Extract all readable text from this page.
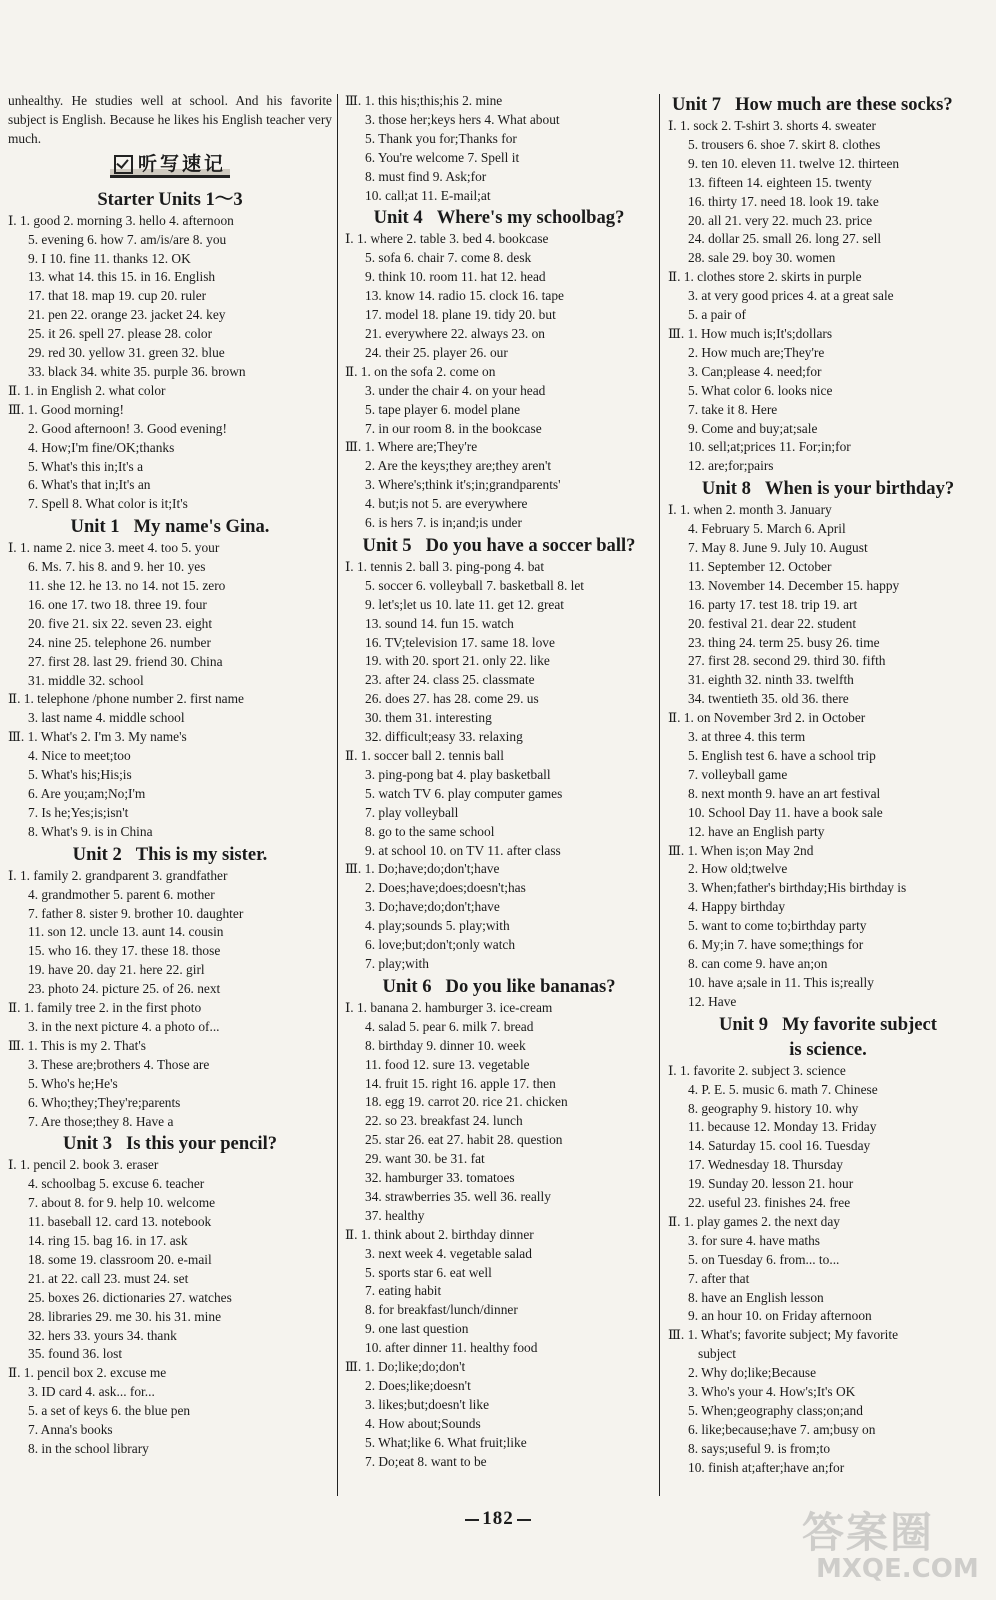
unhealthy. He studies well at school. And his favorite subject is English. Because he likes his English teacher very much.
听写速记
Starter Units 1～3
Ⅰ. 1. good 2. morning 3. hello 4. afternoon
5. evening 6. how 7. am/is/are 8. you
9. I 10. fine 11. thanks 12. OK
13. what 14. this 15. in 16. English
17. that 18. map 19. cup 20. ruler
21. pen 22. orange 23. jacket 24. key
25. it 26. spell 27. please 28. color
29. red 30. yellow 31. green 32. blue
33. black 34. white 35. purple 36. brown
Ⅱ. 1. in English 2. what color
Ⅲ. 1. Good morning!
2. Good afternoon! 3. Good evening!
4. How;I'm fine/OK;thanks
5. What's this in;It's a
6. What's that in;It's an
7. Spell 8. What color is it;It's
Unit 1 My name's Gina.
Ⅰ. 1. name 2. nice 3. meet 4. too 5. your
6. Ms. 7. his 8. and 9. her 10. yes
11. she 12. he 13. no 14. not 15. zero
16. one 17. two 18. three 19. four
20. five 21. six 22. seven 23. eight
24. nine 25. telephone 26. number
27. first 28. last 29. friend 30. China
31. middle 32. school
Ⅱ. 1. telephone /phone number 2. first name
3. last name 4. middle school
Ⅲ. 1. What's 2. I'm 3. My name's
4. Nice to meet;too
5. What's his;His;is
6. Are you;am;No;I'm
7. Is he;Yes;is;isn't
8. What's 9. is in China
Unit 2 This is my sister.
Ⅰ. 1. family 2. grandparent 3. grandfather
4. grandmother 5. parent 6. mother
7. father 8. sister 9. brother 10. daughter
11. son 12. uncle 13. aunt 14. cousin
15. who 16. they 17. these 18. those
19. have 20. day 21. here 22. girl
23. photo 24. picture 25. of 26. next
Ⅱ. 1. family tree 2. in the first photo
3. in the next picture 4. a photo of...
Ⅲ. 1. This is my 2. That's
3. These are;brothers 4. Those are
5. Who's he;He's
6. Who;they;They're;parents
7. Are those;they 8. Have a
Unit 3 Is this your pencil?
Ⅰ. 1. pencil 2. book 3. eraser
4. schoolbag 5. excuse 6. teacher
7. about 8. for 9. help 10. welcome
11. baseball 12. card 13. notebook
14. ring 15. bag 16. in 17. ask
18. some 19. classroom 20. e-mail
21. at 22. call 23. must 24. set
25. boxes 26. dictionaries 27. watches
28. libraries 29. me 30. his 31. mine
32. hers 33. yours 34. thank
35. found 36. lost
Ⅱ. 1. pencil box 2. excuse me
3. ID card 4. ask... for...
5. a set of keys 6. the blue pen
7. Anna's books
8. in the school library
Ⅲ. 1. this his;this;his 2. mine
3. those her;keys hers 4. What about
5. Thank you for;Thanks for
6. You're welcome 7. Spell it
8. must find 9. Ask;for
10. call;at 11. E-mail;at
Unit 4 Where's my schoolbag?
Ⅰ. 1. where 2. table 3. bed 4. bookcase
5. sofa 6. chair 7. come 8. desk
9. think 10. room 11. hat 12. head
13. know 14. radio 15. clock 16. tape
17. model 18. plane 19. tidy 20. but
21. everywhere 22. always 23. on
24. their 25. player 26. our
Ⅱ. 1. on the sofa 2. come on
3. under the chair 4. on your head
5. tape player 6. model plane
7. in our room 8. in the bookcase
Ⅲ. 1. Where are;They're
2. Are the keys;they are;they aren't
3. Where's;think it's;in;grandparents'
4. but;is not 5. are everywhere
6. is hers 7. is in;and;is under
Unit 5 Do you have a soccer ball?
Ⅰ. 1. tennis 2. ball 3. ping-pong 4. bat
5. soccer 6. volleyball 7. basketball 8. let
9. let's;let us 10. late 11. get 12. great
13. sound 14. fun 15. watch
16. TV;television 17. same 18. love
19. with 20. sport 21. only 22. like
23. after 24. class 25. classmate
26. does 27. has 28. come 29. us
30. them 31. interesting
32. difficult;easy 33. relaxing
Ⅱ. 1. soccer ball 2. tennis ball
3. ping-pong bat 4. play basketball
5. watch TV 6. play computer games
7. play volleyball
8. go to the same school
9. at school 10. on TV 11. after class
Ⅲ. 1. Do;have;do;don't;have
2. Does;have;does;doesn't;has
3. Do;have;do;don't;have
4. play;sounds 5. play;with
6. love;but;don't;only watch
7. play;with
Unit 6 Do you like bananas?
Ⅰ. 1. banana 2. hamburger 3. ice-cream
4. salad 5. pear 6. milk 7. bread
8. birthday 9. dinner 10. week
11. food 12. sure 13. vegetable
14. fruit 15. right 16. apple 17. then
18. egg 19. carrot 20. rice 21. chicken
22. so 23. breakfast 24. lunch
25. star 26. eat 27. habit 28. question
29. want 30. be 31. fat
32. hamburger 33. tomatoes
34. strawberries 35. well 36. really
37. healthy
Ⅱ. 1. think about 2. birthday dinner
3. next week 4. vegetable salad
5. sports star 6. eat well
7. eating habit
8. for breakfast/lunch/dinner
9. one last question
10. after dinner 11. healthy food
Ⅲ. 1. Do;like;do;don't
2. Does;like;doesn't
3. likes;but;doesn't like
4. How about;Sounds
5. What;like 6. What fruit;like
7. Do;eat 8. want to be
Unit 7 How much are these socks?
Ⅰ. 1. sock 2. T-shirt 3. shorts 4. sweater
5. trousers 6. shoe 7. skirt 8. clothes
9. ten 10. eleven 11. twelve 12. thirteen
13. fifteen 14. eighteen 15. twenty
16. thirty 17. need 18. look 19. take
20. all 21. very 22. much 23. price
24. dollar 25. small 26. long 27. sell
28. sale 29. boy 30. women
Ⅱ. 1. clothes store 2. skirts in purple
3. at very good prices 4. at a great sale
5. a pair of
Ⅲ. 1. How much is;It's;dollars
2. How much are;They're
3. Can;please 4. need;for
5. What color 6. looks nice
7. take it 8. Here
9. Come and buy;at;sale
10. sell;at;prices 11. For;in;for
12. are;for;pairs
Unit 8 When is your birthday?
Ⅰ. 1. when 2. month 3. January
4. February 5. March 6. April
7. May 8. June 9. July 10. August
11. September 12. October
13. November 14. December 15. happy
16. party 17. test 18. trip 19. art
20. festival 21. dear 22. student
23. thing 24. term 25. busy 26. time
27. first 28. second 29. third 30. fifth
31. eighth 32. ninth 33. twelfth
34. twentieth 35. old 36. there
Ⅱ. 1. on November 3rd 2. in October
3. at three 4. this term
5. English test 6. have a school trip
7. volleyball game
8. next month 9. have an art festival
10. School Day 11. have a book sale
12. have an English party
Ⅲ. 1. When is;on May 2nd
2. How old;twelve
3. When;father's birthday;His birthday is
4. Happy birthday
5. want to come to;birthday party
6. My;in 7. have some;things for
8. can come 9. have an;on
10. have a;sale in 11. This is;really
12. Have
Unit 9 My favorite subject
is science.
Ⅰ. 1. favorite 2. subject 3. science
4. P. E. 5. music 6. math 7. Chinese
8. geography 9. history 10. why
11. because 12. Monday 13. Friday
14. Saturday 15. cool 16. Tuesday
17. Wednesday 18. Thursday
19. Sunday 20. lesson 21. hour
22. useful 23. finishes 24. free
Ⅱ. 1. play games 2. the next day
3. for sure 4. have maths
5. on Tuesday 6. from... to...
7. after that
8. have an English lesson
9. an hour 10. on Friday afternoon
Ⅲ. 1. What's; favorite subject; My favorite
subject
2. Why do;like;Because
3. Who's your 4. How's;It's OK
5. When;geography class;on;and
6. like;because;have 7. am;busy on
8. says;useful 9. is from;to
10. finish at;after;have an;for
182	答案圈
MXQE.COM
